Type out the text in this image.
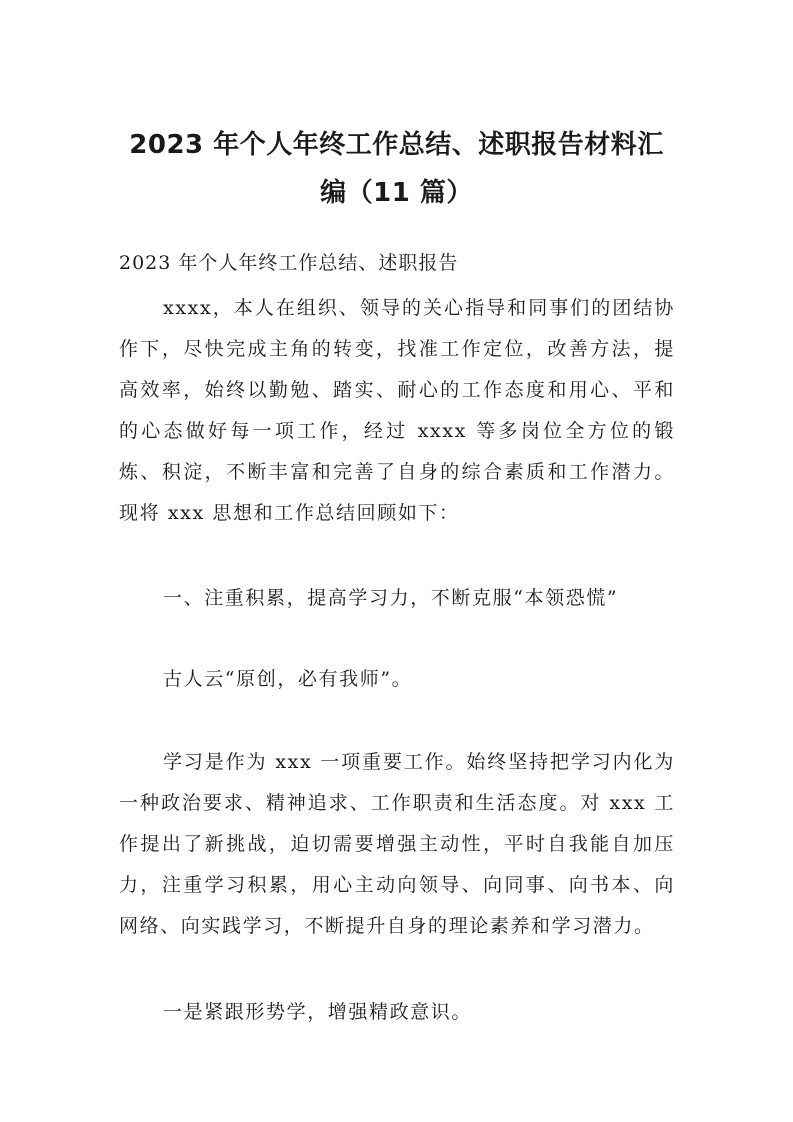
2023 年个人年终工作总结、述职报告材料汇
编（11 篇）

2023 年个人年终工作总结、述职报告

xxxx，本人在组织、领导的关心指导和同事们的团结协作下，尽快完成主角的转变，找准工作定位，改善方法，提高效率，始终以勤勉、踏实、耐心的工作态度和用心、平和的心态做好每一项工作，经过 xxxx 等多岗位全方位的锻炼、积淀，不断丰富和完善了自身的综合素质和工作潜力。现将 xxx 思想和工作总结回顾如下：

一、注重积累，提高学习力，不断克服“本领恐慌”

古人云“原创，必有我师”。

学习是作为 xxx 一项重要工作。始终坚持把学习内化为一种政治要求、精神追求、工作职责和生活态度。对 xxx 工作提出了新挑战，迫切需要增强主动性，平时自我能自加压力，注重学习积累，用心主动向领导、向同事、向书本、向网络、向实践学习，不断提升自身的理论素养和学习潜力。

一是紧跟形势学，增强精政意识。
